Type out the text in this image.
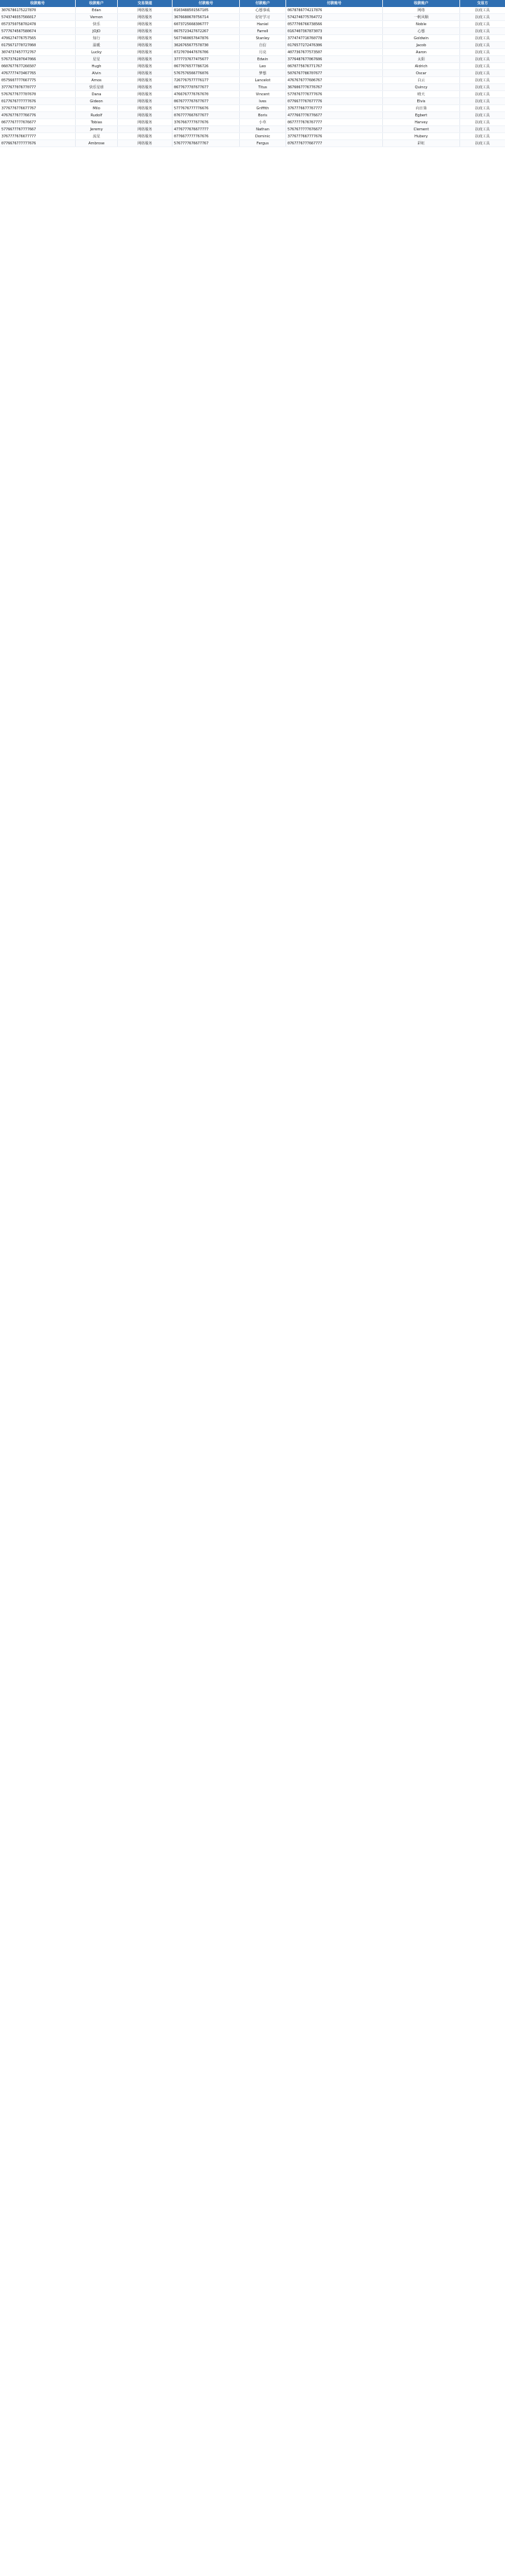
收款账号	收款账户	交易渠道	付款账号	付款账户	付款账号	收款账户	交易方
3076786175227870	Edan	网络服务	0103488501567105	心想事成	0678786774217876	网络	抗疫工具
5743740357566017	Vernon	网络服务	3676680670756714	好好学习	5742746775764772	一帆风顺	抗疫工具
0573750758702478	快乐	网络服务	6073725668306777	Haniel	0577706766738566	Noble	抗疫工具
5777674567580674	JOJO	网络服务	0675723427672267	Farrell	0167407367873073	心想	抗疫工具
4706274776757565	知行	网络服务	5677460657647876	Stanley	3774747716760778	Goldwin	抗疫工具
0175671770727060	温暖	网络服务	3026765677578730	自信	0176577272476306	Jacob	抗疫工具
3074737457772767	Lucky	网络服务	0727070447676706	月亮	4077367677573507	Aaron	抗疫工具
5767376207647066	星星	网络服务	3777737677475677	Edwin	3776487677067606	太阳	抗疫工具
0607677677266507	Hugh	网络服务	0677076577786726	Leo	0670775676771767	Aldrich	抗疫工具
4767777473467765	Alvin	网络服务	5767576566776076	梦想	5076767786707677	Oscar	抗疫工具
0575607777667775	Amos	网络服务	7267767577776177	Lancelot	4767676777606767	白云	抗疫工具
3777677076770777	快乐星球	网络服务	0677677707677677	Titus	3676067776776767	Quincy	抗疫工具
5767677677707670	Dana	网络服务	4766767776767670	Vincent	5770767776777676	晴天	抗疫工具
0177676777777676	Gideon	网络服务	0676777767677677	Ives	0776677767677776	Elvis	抗疫工具
3776776776677767	Milo	网络服务	5777676777776676	Griffith	3767776677767777	向日葵	抗疫工具
4767677677766776	Rudolf	网络服务	0767777667677677	Boris	4777667776776677	Egbert	抗疫工具
0677767777676677	Tobias	网络服务	3767667777677676	小草	0677777676767777	Harvey	抗疫工具
5776677767777667	Jeremy	网络服务	4776777676677777	Nathan	5767677777676677	Clement	抗疫工具
3767777676677777	流星	网络服务	0776677777767676	Dominic	3776777667777676	Hubery	抗疫工具
0776676777777676	Ambrose	网络服务	5767777676677767	Fergus	0767776777667777	彩虹	抗疫工具
